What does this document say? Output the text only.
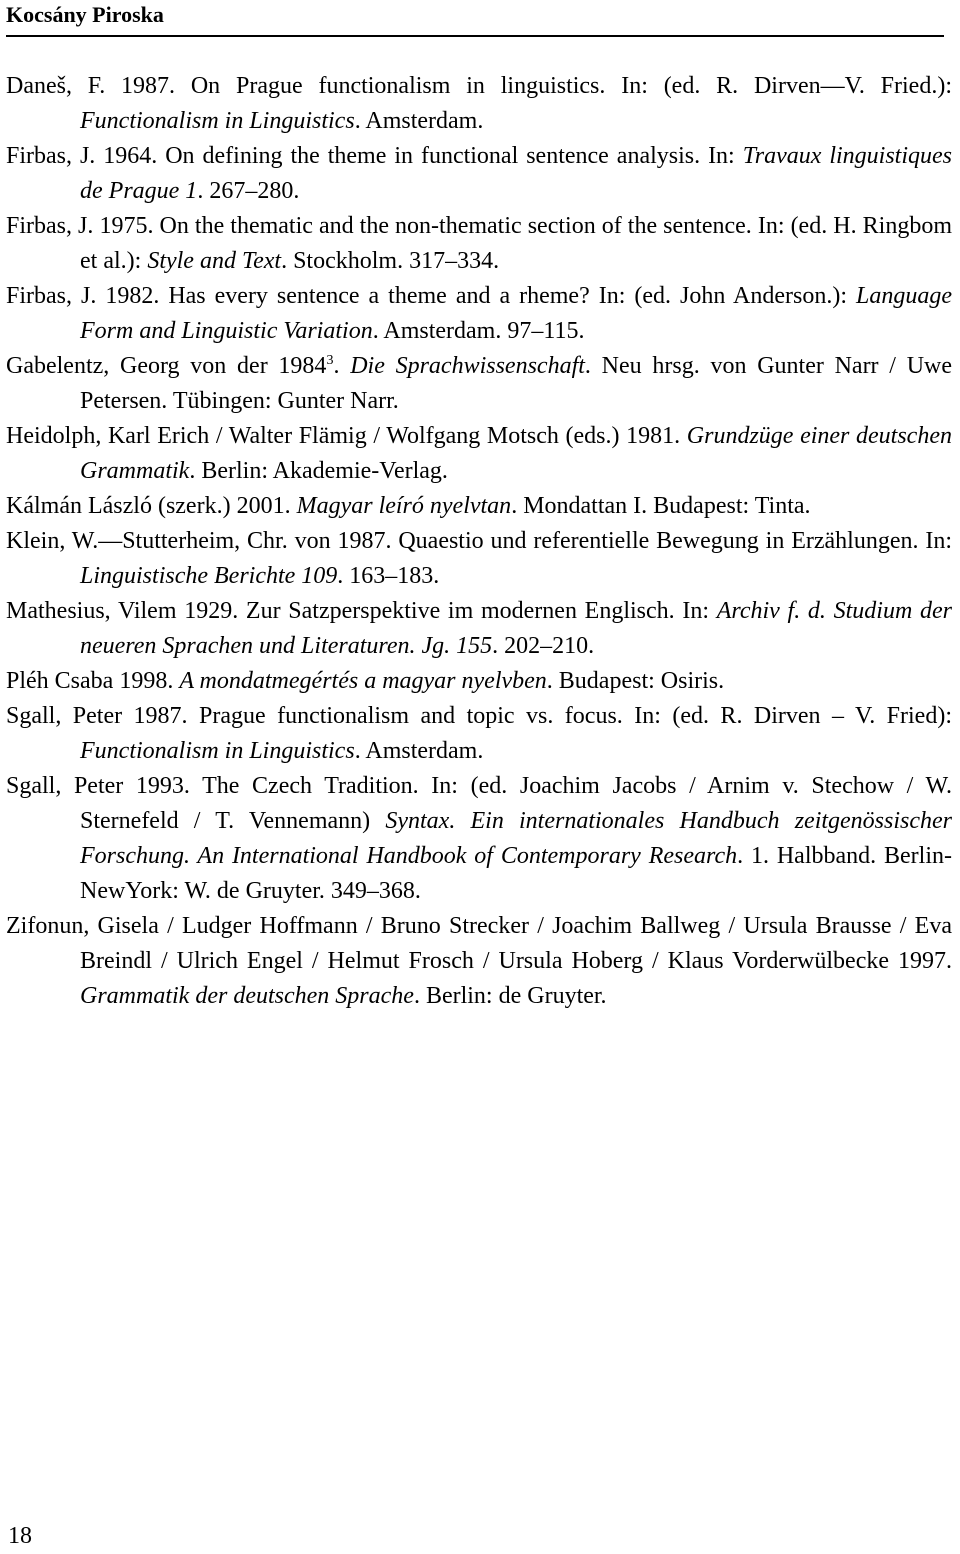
Kocsány Piroska

Daneš, F. 1987. On Prague functionalism in linguistics. In: (ed. R. Dirven—V. Fried.): Functionalism in Linguistics. Amsterdam.

Firbas, J. 1964. On defining the theme in functional sentence analysis. In: Travaux linguistiques de Prague 1. 267–280.

Firbas, J. 1975. On the thematic and the non-thematic section of the sentence. In: (ed. H. Ringbom et al.): Style and Text. Stockholm. 317–334.

Firbas, J. 1982. Has every sentence a theme and a rheme? In: (ed. John Anderson.): Language Form and Linguistic Variation. Amsterdam. 97–115.

Gabelentz, Georg von der 1984$^3$. Die Sprachwissenschaft. Neu hrsg. von Gunter Narr / Uwe Petersen. Tübingen: Gunter Narr.

Heidolph, Karl Erich / Walter Flämig / Wolfgang Motsch (eds.) 1981. Grundzüge einer deutschen Grammatik. Berlin: Akademie-Verlag.

Kálmán László (szerk.) 2001. Magyar leíró nyelvtan. Mondattan I. Budapest: Tinta.

Klein, W.—Stutterheim, Chr. von 1987. Quaestio und referentielle Bewegung in Erzählungen. In: Linguistische Berichte 109. 163–183.

Mathesius, Vilem 1929. Zur Satzperspektive im modernen Englisch. In: Archiv f. d. Studium der neueren Sprachen und Literaturen. Jg. 155. 202–210.

Pléh Csaba 1998. A mondatmegértés a magyar nyelvben. Budapest: Osiris.

Sgall, Peter 1987. Prague functionalism and topic vs. focus. In: (ed. R. Dirven – V. Fried): Functionalism in Linguistics. Amsterdam.

Sgall, Peter 1993. The Czech Tradition. In: (ed. Joachim Jacobs / Arnim v. Stechow / W. Sternefeld / T. Vennemann) Syntax. Ein internationales Handbuch zeitgenössischer Forschung. An International Handbook of Contemporary Research. 1. Halbband. Berlin-NewYork: W. de Gruyter. 349–368.

Zifonun, Gisela / Ludger Hoffmann / Bruno Strecker / Joachim Ballweg / Ursula Brausse / Eva Breindl / Ulrich Engel / Helmut Frosch / Ursula Hoberg / Klaus Vorderwülbecke 1997. Grammatik der deutschen Sprache. Berlin: de Gruyter.

18
